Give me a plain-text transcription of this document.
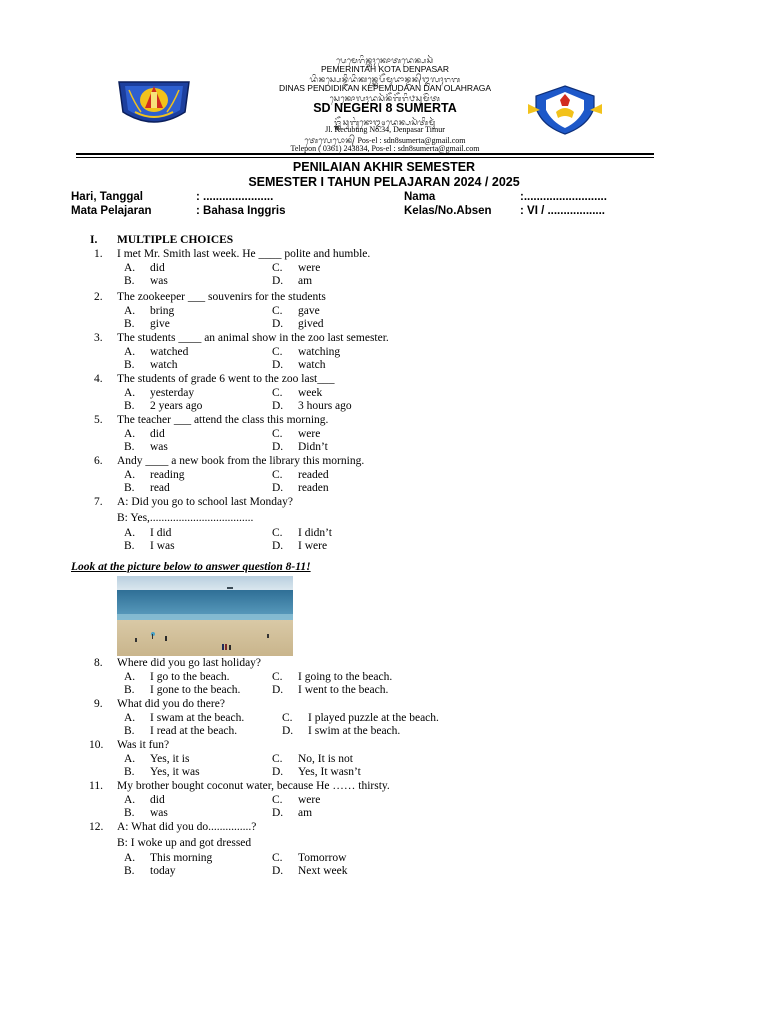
ᬧᬾᬫᬾᬭᬶᬦ᭄ᬢᬄᬓᭀᬢᬤᬾᬦ᭄ᬧᬲᬃ
PEMERINTAH KOTA DENPASAR
ᬤᬶᬦᬲ᭄ᬧᬾᬦ᭄ᬤᬶᬤᬶᬓᬦ᭄ᬓᬾᬧᭂᬫᬸᬤᬵᬦ᭄ᬤᬦ᭄ᬑᬮᬄᬭᬕ
DINAS PENDIDIKAN KEPEMUDAAN DAN OLAHRAGA
ᬲᬾᬓᭀᬮᬄᬤᬲᬃᬦᭂᬕᭂᬭᬶ᭘ᬲᬸᬫᭂᬃᬢ
SD NEGERI 8 SUMERTA
ᬚ᭄ᬮ᭄ᬓᭂᬘᬸᬩᬸᬂᬦᭀ᭓᭔ᬤᬾᬦ᭄ᬧᬲᬃᬢᬶᬫᬸᬃ
Jl. Kecubung No.34, Denpasar Timur
ᬢᬾᬮᬾᬧᭀᬦ᭄ Pos-el : sdn8sumerta@gmail.com
Telepon ( 0361) 243834, Pos-el : sdn8sumerta@gmail.com
PENILAIAN AKHIR SEMESTER
SEMESTER I TAHUN PELAJARAN 2024 / 2025
Hari, Tanggal	: ......................	Nama	:..........................
Mata Pelajaran	: Bahasa Inggris	Kelas/No.Absen : VI / ..................
I. MULTIPLE CHOICES
1. I met Mr. Smith last week. He ____ polite and humble.
A. did	C. were
B. was	D. am
2. The zookeeper ___ souvenirs for the students
A. bring	C. gave
B. give	D. gived
3. The students ____ an animal show in the zoo last semester.
A. watched	C. watching
B. watch	D. watch
4. The students of grade 6 went to the zoo last___
A. yesterday	C. week
B. 2 years ago	D. 3 hours ago
5. The teacher ___ attend the class this morning.
A. did	C. were
B. was	D. Didn’t
6. Andy ____ a new book from the library this morning.
A. reading	C. readed
B. read	D. readen
7. A: Did you go to school last Monday?
B: Yes,....................................
A. I did	C. I didn’t
B. I was	D. I were
8. Where did you go last holiday?
A. I go to the beach.	C. I going to the beach.
B. I gone to the beach.	D. I went to the beach.
9. What did you do there?
A. I swam at the beach.	C. I played puzzle at the beach.
B. I read at the beach.	D. I swim at the beach.
10. Was it fun?
A. Yes, it is	C. No, It is not
B. Yes, it was	D. Yes, It wasn’t
11. My brother bought coconut water, because He …… thirsty.
A. did	C. were
B. was	D. am
12. A: What did you do...............?
B: I woke up and got dressed
A. This morning	C. Tomorrow
B. today	D. Next week
Look at the picture below to answer question 8-11!
